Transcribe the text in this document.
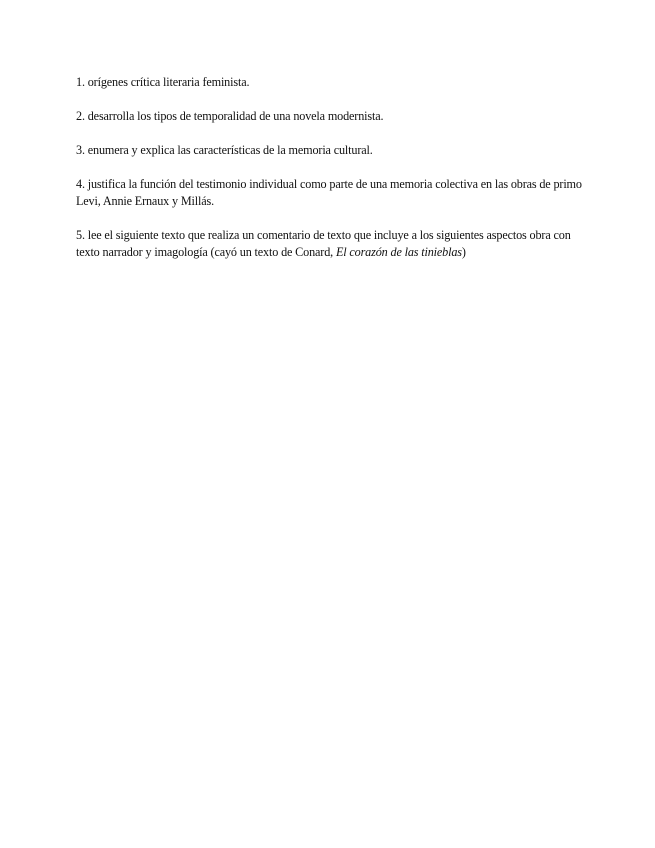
1. orígenes crítica literaria feminista.

2. desarrolla los tipos de temporalidad de una novela modernista.

3. enumera y explica las características de la memoria cultural.

4. justifica la función del testimonio individual como parte de una memoria colectiva en las obras de primo Levi, Annie Ernaux y Millás.

5. lee el siguiente texto que realiza un comentario de texto que incluye a los siguientes aspectos obra con texto narrador y imagología (cayó un texto de Conard, El corazón de las tinieblas)
